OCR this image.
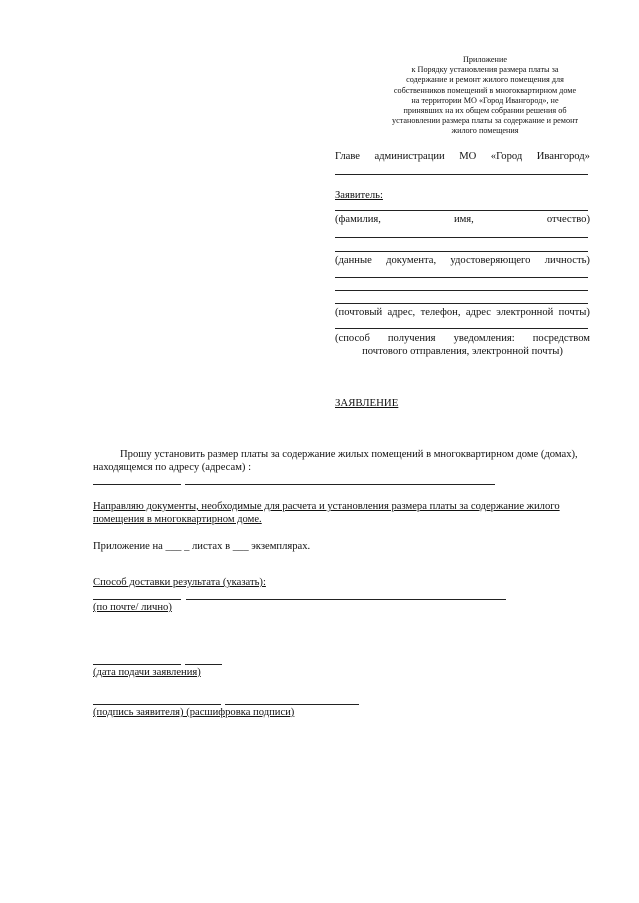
Приложение
к Порядку установления размера платы за
содержание и ремонт жилого помещения для
собственников помещений в многоквартирном доме
на территории МО «Город Ивангород», не
принявших на их общем собрании решения об
установлении размера платы за содержание и ремонт
жилого помещения
Главе администрации МО «Город Ивангород»
Заявитель:
(фамилия,	имя,	отчество)
(данные документа, удостоверяющего личность)
(почтовый адрес, телефон, адрес электронной почты)
(способ получения уведомления: посредством
почтового отправления, электронной почты)
ЗАЯВЛЕНИЕ
Прошу установить размер платы за содержание жилых помещений в многоквартирном доме (домах),
находящемся по адресу (адресам) :
Направляю документы, необходимые для расчета и установления размера платы за содержание жилого
помещения в многоквартирном доме.
Приложение на ___ _ листах в ___ экземплярах.
Способ доставки результата (указать):
(по почте/ лично)
(дата подачи заявления)
(подпись заявителя) (расшифровка подписи)
